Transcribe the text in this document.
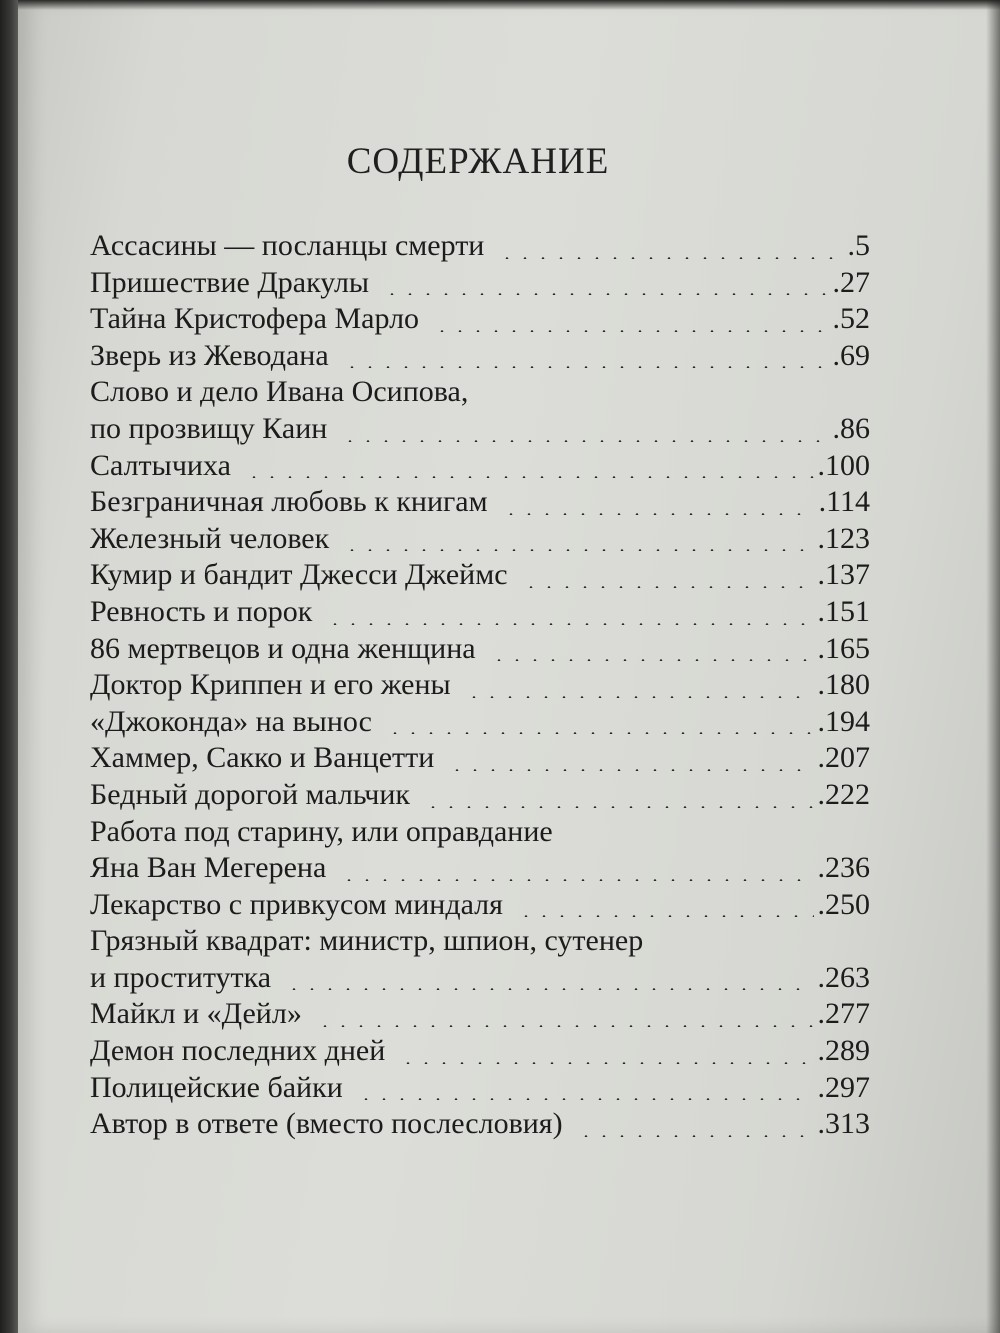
СОДЕРЖАНИЕ
Ассасины — посланцы смерти	.5
Пришествие Дракулы	.27
Тайна Кристофера Марло	.52
Зверь из Жеводана	.69
Слово и дело Ивана Осипова,
по прозвищу Каин	.86
Салтычиха	.100
Безграничная любовь к книгам	.114
Железный человек	.123
Кумир и бандит Джесси Джеймс	.137
Ревность и порок	.151
86 мертвецов и одна женщина	.165
Доктор Криппен и его жены	.180
«Джоконда» на вынос	.194
Хаммер, Сакко и Ванцетти	.207
Бедный дорогой мальчик	.222
Работа под старину, или оправдание
Яна Ван Мегерена	.236
Лекарство с привкусом миндаля	.250
Грязный квадрат: министр, шпион, сутенер
и проститутка	.263
Майкл и «Дейл»	.277
Демон последних дней	.289
Полицейские байки	.297
Автор в ответе (вместо послесловия)	.313
